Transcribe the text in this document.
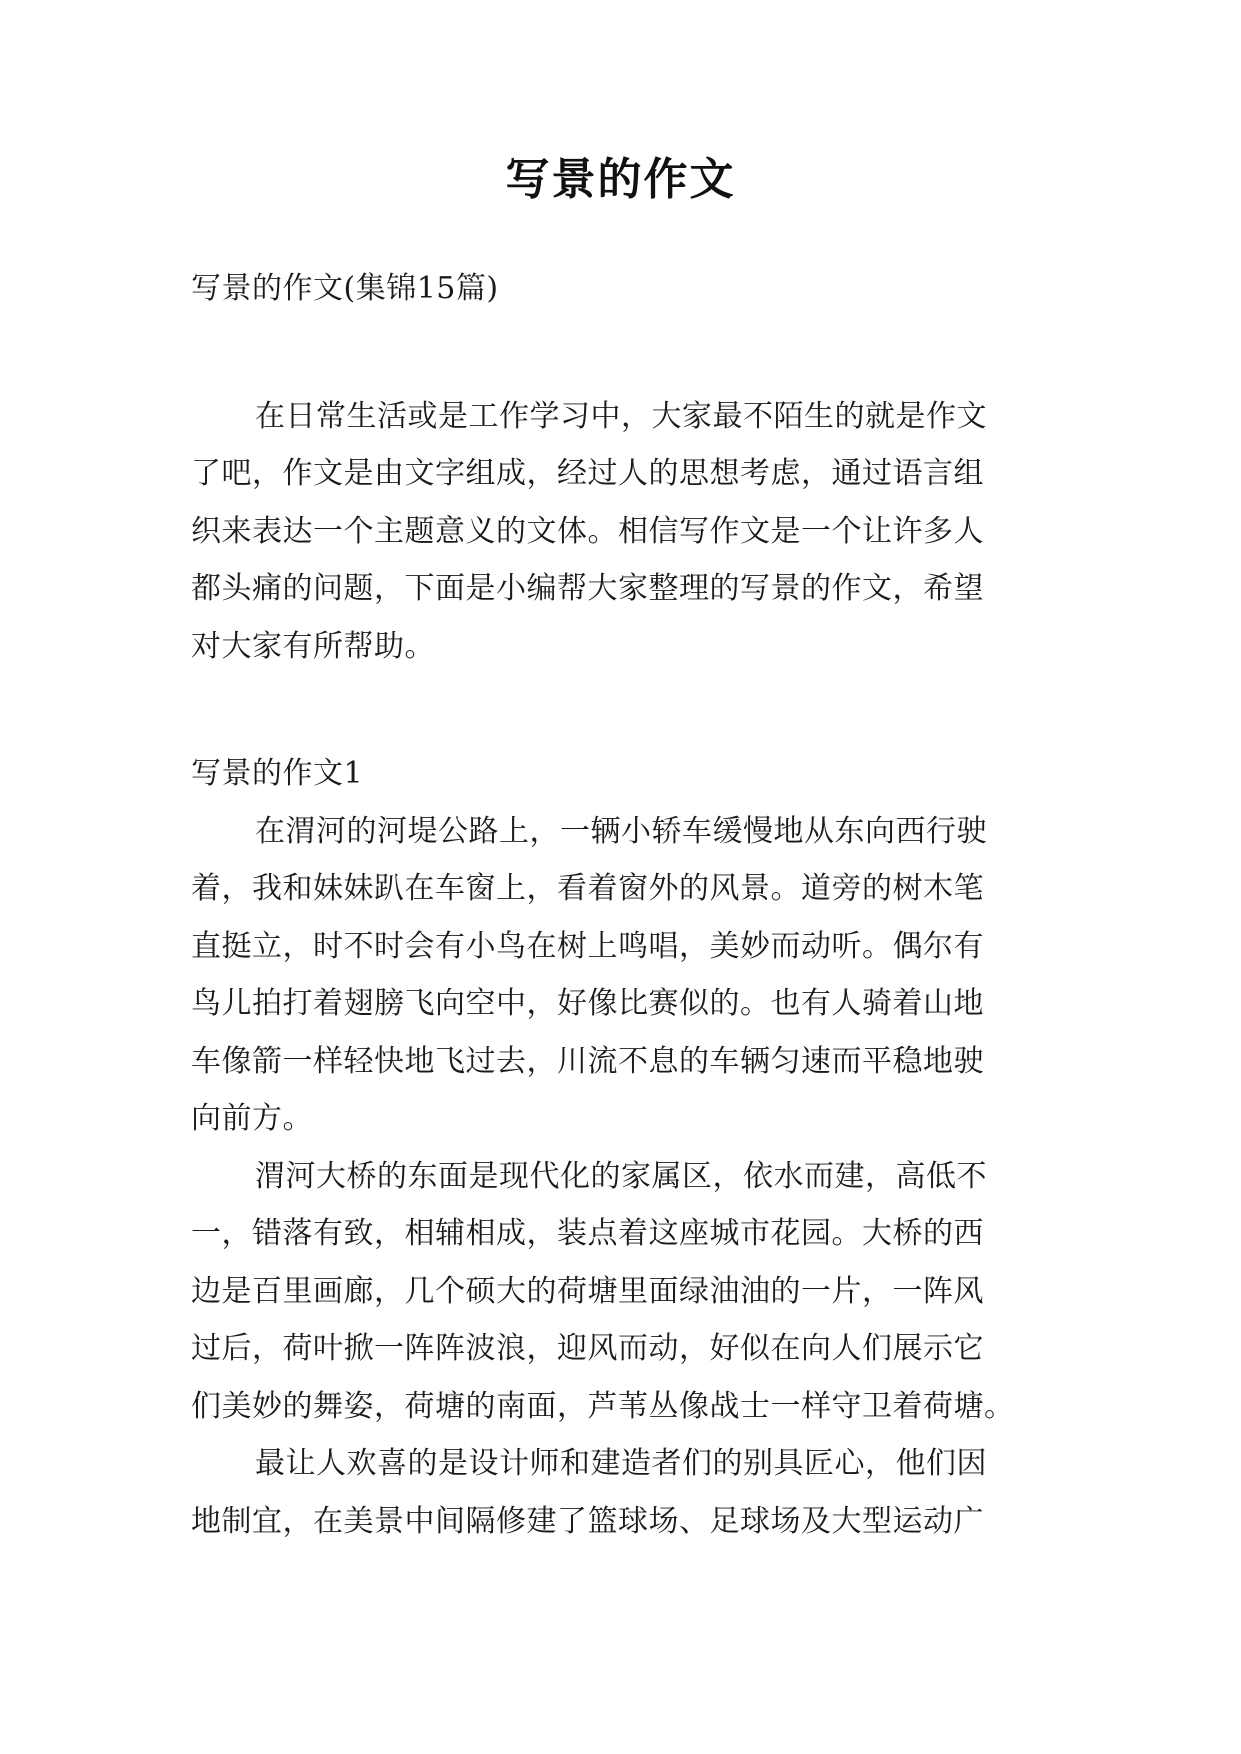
写景的作文
写景的作文(集锦15篇)
在日常生活或是工作学习中，大家最不陌生的就是作文
了吧，作文是由文字组成，经过人的思想考虑，通过语言组
织来表达一个主题意义的文体。相信写作文是一个让许多人
都头痛的问题，下面是小编帮大家整理的写景的作文，希望
对大家有所帮助。
写景的作文1
在渭河的河堤公路上，一辆小轿车缓慢地从东向西行驶
着，我和妹妹趴在车窗上，看着窗外的风景。道旁的树木笔
直挺立，时不时会有小鸟在树上鸣唱，美妙而动听。偶尔有
鸟儿拍打着翅膀飞向空中，好像比赛似的。也有人骑着山地
车像箭一样轻快地飞过去，川流不息的车辆匀速而平稳地驶
向前方。
渭河大桥的东面是现代化的家属区，依水而建，高低不
一，错落有致，相辅相成，装点着这座城市花园。大桥的西
边是百里画廊，几个硕大的荷塘里面绿油油的一片，一阵风
过后，荷叶掀一阵阵波浪，迎风而动，好似在向人们展示它
们美妙的舞姿，荷塘的南面，芦苇丛像战士一样守卫着荷塘。
最让人欢喜的是设计师和建造者们的别具匠心，他们因
地制宜，在美景中间隔修建了篮球场、足球场及大型运动广
